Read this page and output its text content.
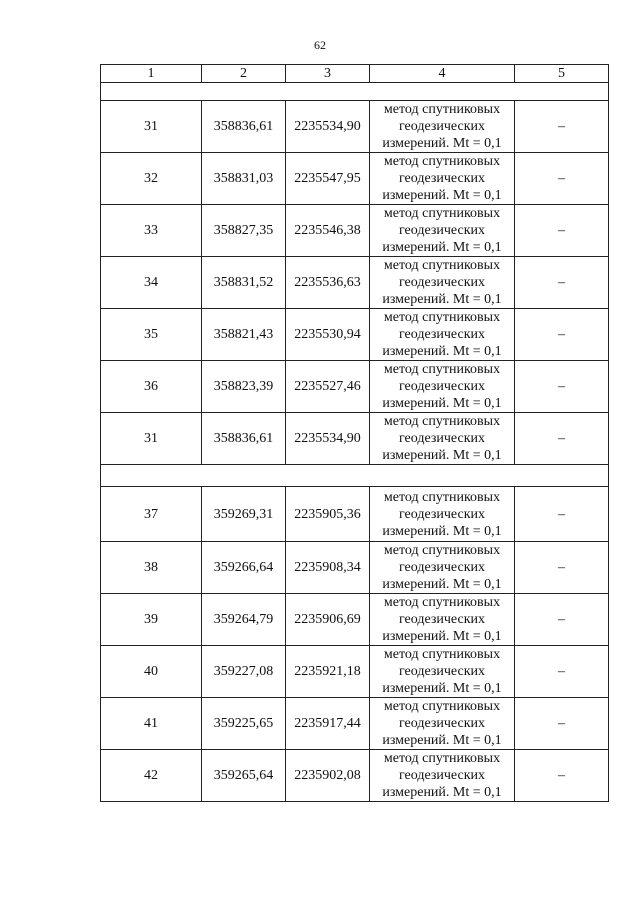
62
1	2	3	4	5

31	358836,61	2235534,90	метод спутниковых
геодезических
измерений. Mt = 0,1	–
32	358831,03	2235547,95	метод спутниковых
геодезических
измерений. Mt = 0,1	–
33	358827,35	2235546,38	метод спутниковых
геодезических
измерений. Mt = 0,1	–
34	358831,52	2235536,63	метод спутниковых
геодезических
измерений. Mt = 0,1	–
35	358821,43	2235530,94	метод спутниковых
геодезических
измерений. Mt = 0,1	–
36	358823,39	2235527,46	метод спутниковых
геодезических
измерений. Mt = 0,1	–
31	358836,61	2235534,90	метод спутниковых
геодезических
измерений. Mt = 0,1	–

37	359269,31	2235905,36	метод спутниковых
геодезических
измерений. Mt = 0,1	–
38	359266,64	2235908,34	метод спутниковых
геодезических
измерений. Mt = 0,1	–
39	359264,79	2235906,69	метод спутниковых
геодезических
измерений. Mt = 0,1	–
40	359227,08	2235921,18	метод спутниковых
геодезических
измерений. Mt = 0,1	–
41	359225,65	2235917,44	метод спутниковых
геодезических
измерений. Mt = 0,1	–
42	359265,64	2235902,08	метод спутниковых
геодезических
измерений. Mt = 0,1	–
